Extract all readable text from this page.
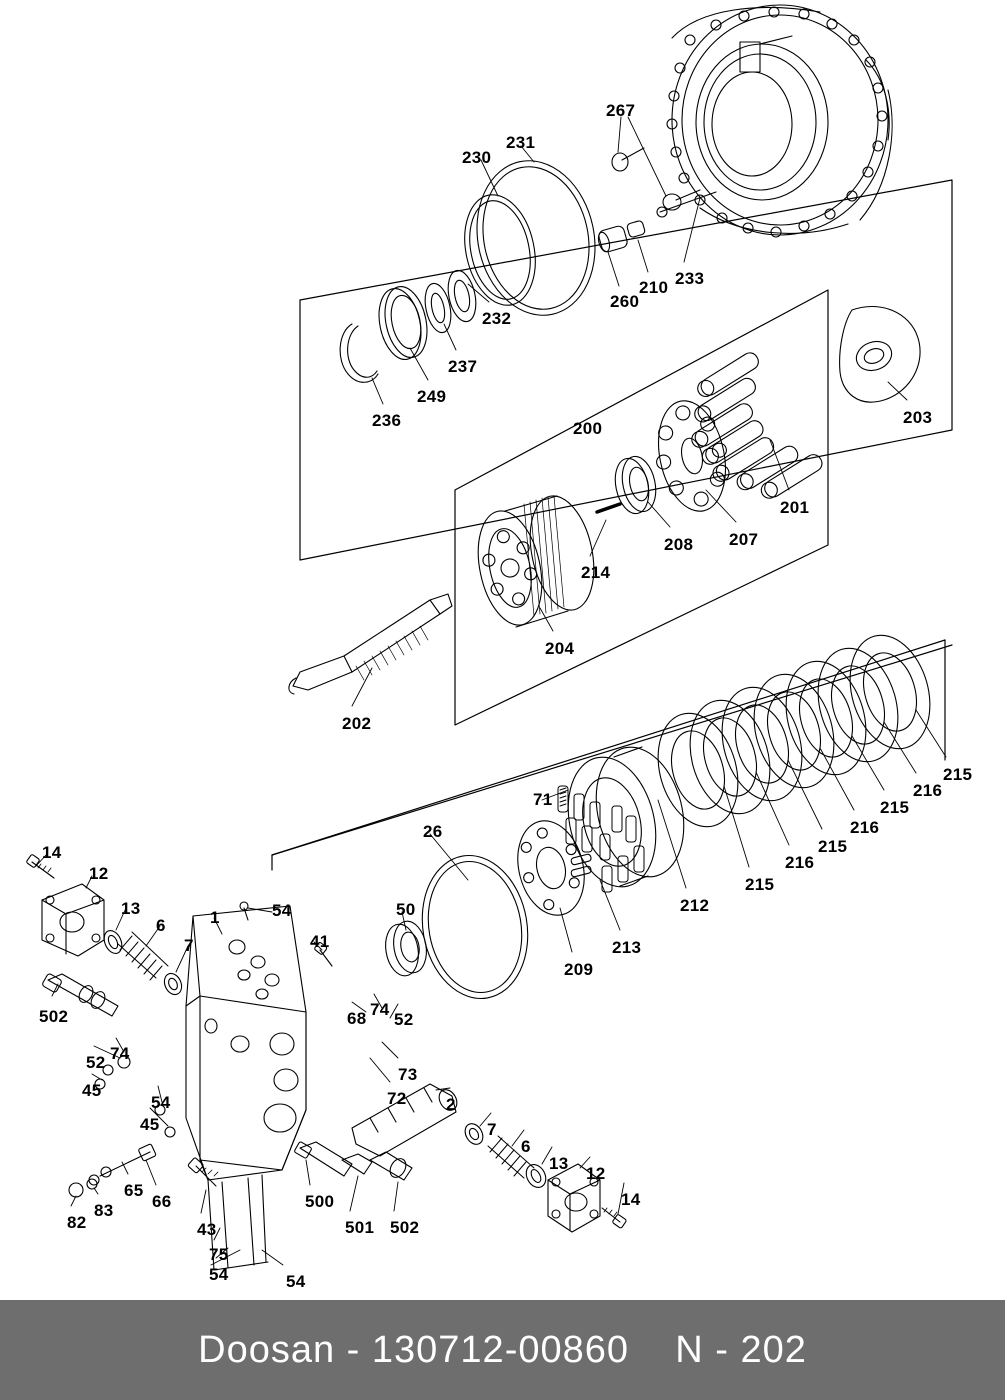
267
230
231
260
210 233
232
237
249
236	200
203
201
207
208
214
204
202
215
216
215
216
215
216
215
212
213
209
71
26
50
14
12
13
6	1	54
7	41
502
52 74
45
54
45
68 74
52
73
72 2
7
6
13
12
14
82
83
65
66
43
500
501 502
75
54	54
Doosan - 130712-00860    N - 202
